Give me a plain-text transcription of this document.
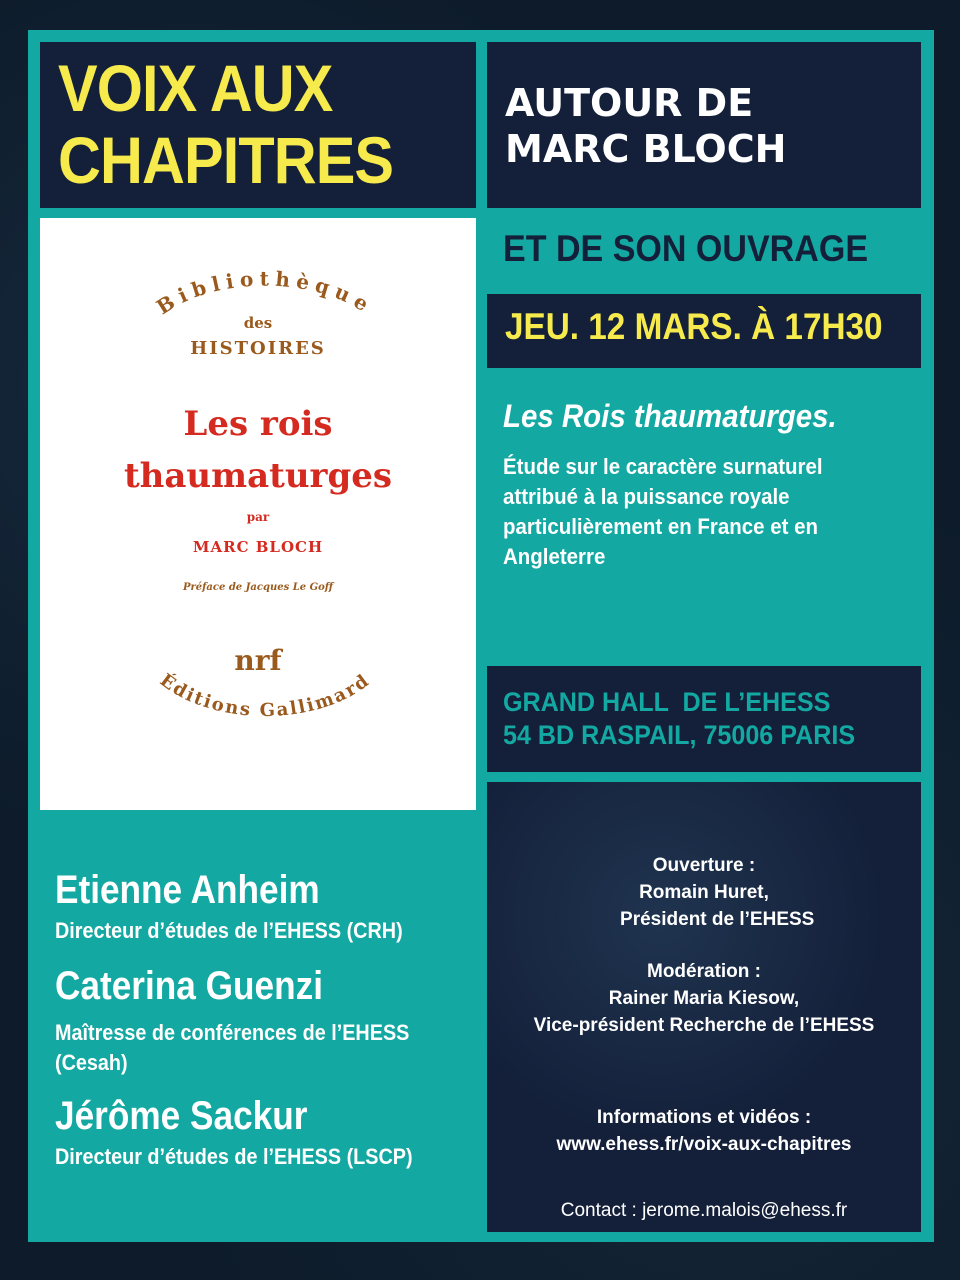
VOIX AUX
CHAPITRES
AUTOUR DE
MARC BLOCH
ET DE SON OUVRAGE
JEU. 12 MARS. À 17H30
Les Rois thaumaturges.
Étude sur le caractère surnaturel attribué à la puissance royale particulièrement en France et en Angleterre
GRAND HALL  DE L’EHESS
54 BD RASPAIL, 75006 PARIS
Bibliothèque
Éditions Gallimard
des
HISTOIRES
Les rois
thaumaturges
par
MARC BLOCH
Préface de Jacques Le Goff
nrf
Etienne Anheim
Directeur d’études de l’EHESS (CRH)
Caterina Guenzi
Maîtresse de conférences de l’EHESS (Cesah)
Jérôme Sackur
Directeur d’études de l’EHESS (LSCP)
Ouverture :
Romain Huret,
Président de l’EHESS
Modération :
Rainer Maria Kiesow,
Vice-président Recherche de l’EHESS
Informations et vidéos :
www.ehess.fr/voix-aux-chapitres
Contact : jerome.malois@ehess.fr
